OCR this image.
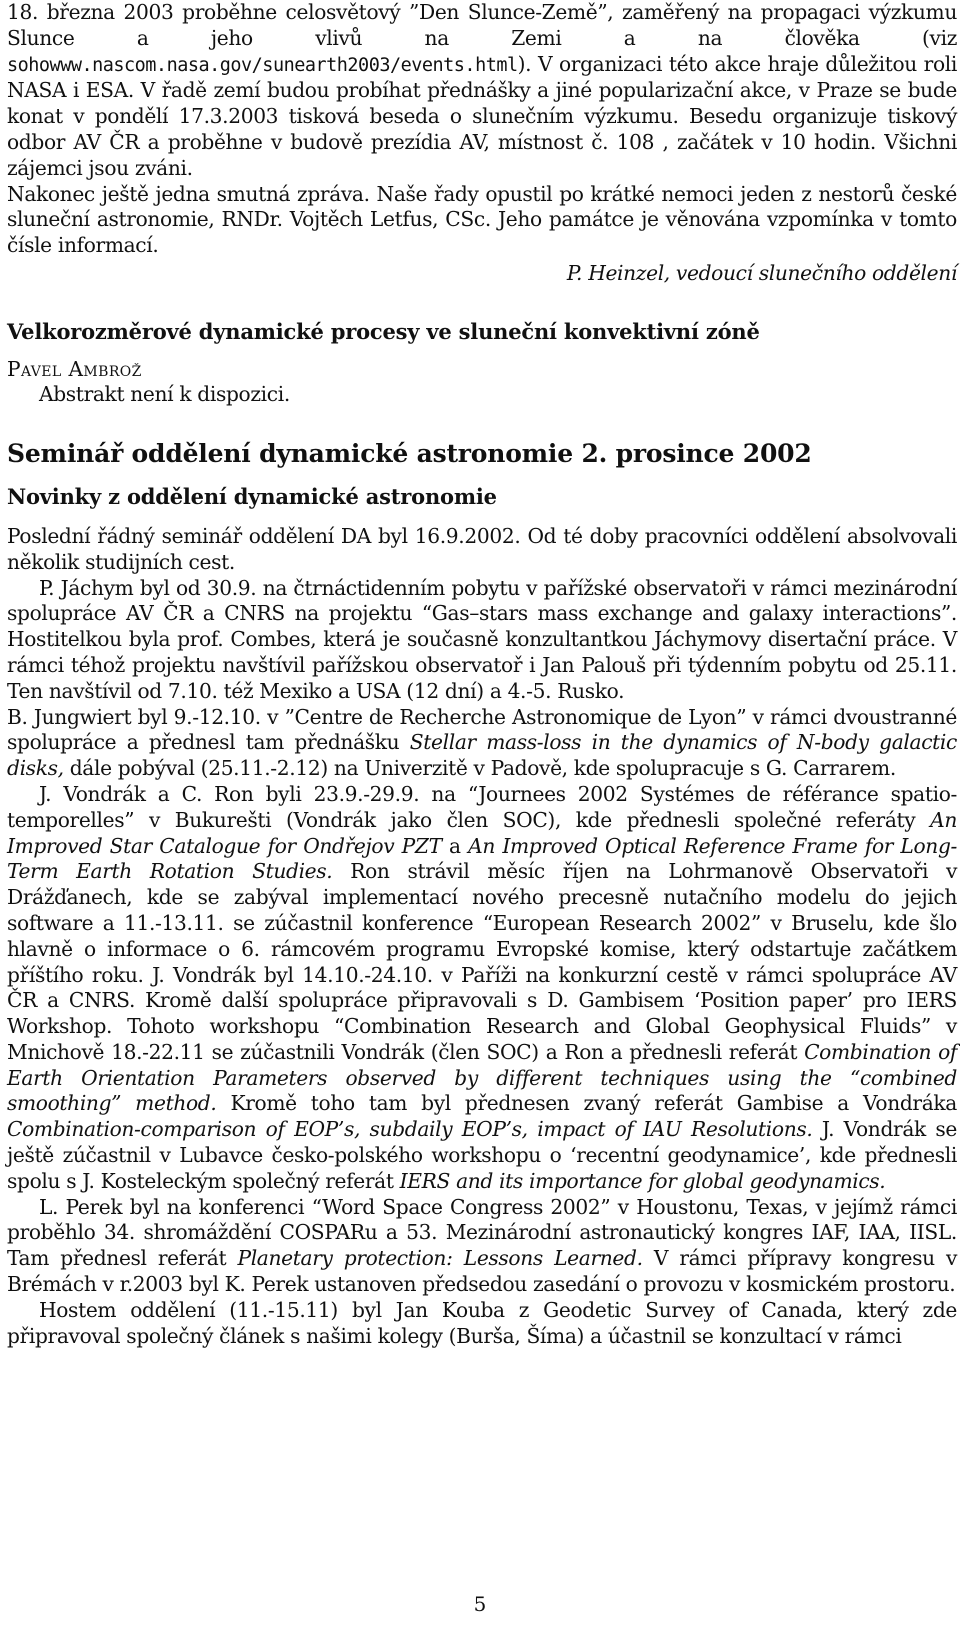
18. března 2003 proběhne celosvětový ”Den Slunce-Země”, zaměřený na propagaci výzkumu Slunce a jeho vlivů na Zemi a na člověka (viz sohowww.nascom.nasa.gov/sunearth2003/events.html). V organizaci této akce hraje důležitou roli NASA i ESA. V řadě zemí budou probíhat přednášky a jiné popularizační akce, v Praze se bude konat v pondělí 17.3.2003 tisková beseda o slunečním výzkumu. Besedu organizuje tiskový odbor AV ČR a proběhne v budově prezídia AV, místnost č. 108 , začátek v 10 hodin. Všichni zájemci jsou zváni.

Nakonec ještě jedna smutná zpráva. Naše řady opustil po krátké nemoci jeden z nestorů české sluneční astronomie, RNDr. Vojtěch Letfus, CSc. Jeho památce je věnována vzpomínka v tomto čísle informací.

P. Heinzel, vedoucí slunečního oddělení

Velkorozměrové dynamické procesy ve sluneční konvektivní zóně

Pavel Ambrož

Abstrakt není k dispozici.

Seminář oddělení dynamické astronomie 2. prosince 2002

Novinky z oddělení dynamické astronomie

Poslední řádný seminář oddělení DA byl 16.9.2002. Od té doby pracovníci oddělení absolvovali několik studijních cest.

P. Jáchym byl od 30.9. na čtrnáctidenním pobytu v pařížské observatoři v rámci mezinárodní spolupráce AV ČR a CNRS na projektu “Gas–stars mass exchange and galaxy interactions”. Hostitelkou byla prof. Combes, která je současně konzultantkou Jáchymovy disertační práce. V rámci téhož projektu navštívil pařížskou observatoř i Jan Palouš při týdenním pobytu od 25.11. Ten navštívil od 7.10. též Mexiko a USA (12 dní) a 4.-5. Rusko.

B. Jungwiert byl 9.-12.10. v ”Centre de Recherche Astronomique de Lyon” v rámci dvoustranné spolupráce a přednesl tam přednášku Stellar mass-loss in the dynamics of N-body galactic disks, dále pobýval (25.11.-2.12) na Univerzitě v Padově, kde spolupracuje s G. Carrarem.

J. Vondrák a C. Ron byli 23.9.-29.9. na “Journees 2002 Systémes de référance spatio-temporelles” v Bukurešti (Vondrák jako člen SOC), kde přednesli společné referáty An Improved Star Catalogue for Ondřejov PZT a An Improved Optical Reference Frame for Long-Term Earth Rotation Studies. Ron strávil měsíc říjen na Lohrmanově Observatoři v Drážďanech, kde se zabýval implementací nového precesně nutačního modelu do jejich software a 11.-13.11. se zúčastnil konference “European Research 2002” v Bruselu, kde šlo hlavně o informace o 6. rámcovém programu Evropské komise, který odstartuje začátkem příštího roku. J. Vondrák byl 14.10.-24.10. v Paříži na konkurzní cestě v rámci spolupráce AV ČR a CNRS. Kromě další spolupráce připravovali s D. Gambisem ‘Position paper’ pro IERS Workshop. Tohoto workshopu “Combination Research and Global Geophysical Fluids” v Mnichově 18.-22.11 se zúčastnili Vondrák (člen SOC) a Ron a přednesli referát Combination of Earth Orientation Parameters observed by different techniques using the “combined smoothing” method. Kromě toho tam byl přednesen zvaný referát Gambise a Vondráka Combination-comparison of EOP’s, subdaily EOP’s, impact of IAU Resolutions. J. Vondrák se ještě zúčastnil v Lubavce česko-polského workshopu o ‘recentní geodynamice’, kde přednesli spolu s J. Kosteleckým společný referát IERS and its importance for global geodynamics.

L. Perek byl na konferenci “Word Space Congress 2002” v Houstonu, Texas, v jejímž rámci proběhlo 34. shromáždění COSPARu a 53. Mezinárodní astronautický kongres IAF, IAA, IISL. Tam přednesl referát Planetary protection: Lessons Learned. V rámci přípravy kongresu v Brémách v r.2003 byl K. Perek ustanoven předsedou zasedání o provozu v kosmickém prostoru.

Hostem oddělení (11.-15.11) byl Jan Kouba z Geodetic Survey of Canada, který zde připravoval společný článek s našimi kolegy (Burša, Šíma) a účastnil se konzultací v rámci

5
